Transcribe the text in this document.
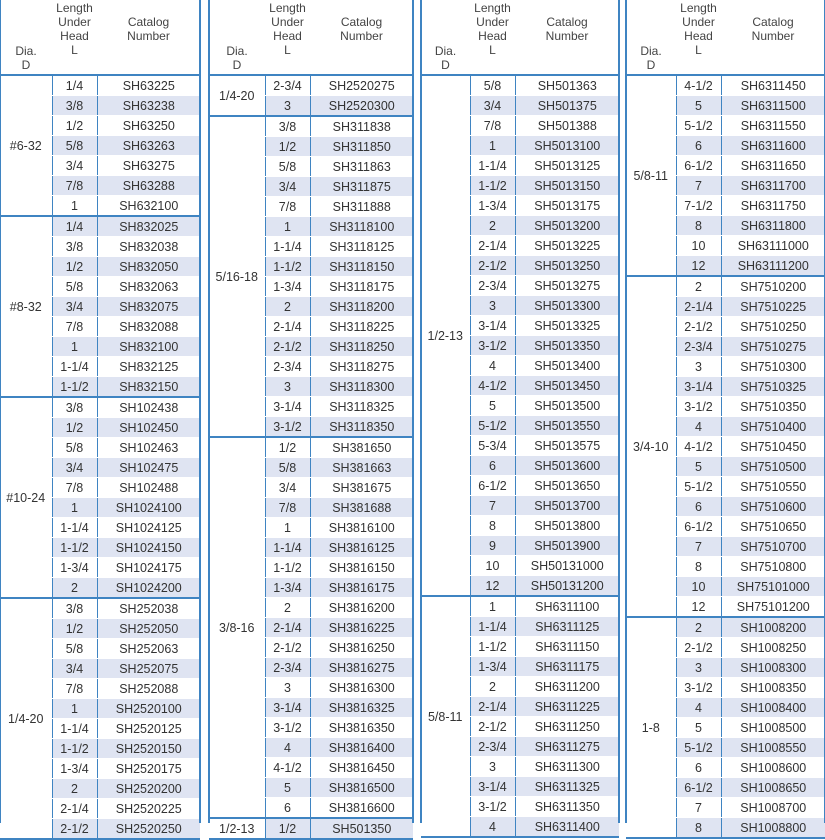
Dia.
D	Length
Under
Head
L	Catalog
Number
#6-32	1/4	SH63225
	3/8	SH63238
	1/2	SH63250
	5/8	SH63263
	3/4	SH63275
	7/8	SH63288
	1	SH632100
#8-32	1/4	SH832025
	3/8	SH832038
	1/2	SH832050
	5/8	SH832063
	3/4	SH832075
	7/8	SH832088
	1	SH832100
	1-1/4	SH832125
	1-1/2	SH832150
#10-24	3/8	SH102438
	1/2	SH102450
	5/8	SH102463
	3/4	SH102475
	7/8	SH102488
	1	SH1024100
	1-1/4	SH1024125
	1-1/2	SH1024150
	1-3/4	SH1024175
	2	SH1024200
1/4-20	3/8	SH252038
	1/2	SH252050
	5/8	SH252063
	3/4	SH252075
	7/8	SH252088
	1	SH2520100
	1-1/4	SH2520125
	1-1/2	SH2520150
	1-3/4	SH2520175
	2	SH2520200
	2-1/4	SH2520225
	2-1/2	SH2520250
Dia.
D	Length
Under
Head
L	Catalog
Number
1/4-20	2-3/4	SH2520275
	3	SH2520300
5/16-18	3/8	SH311838
	1/2	SH311850
	5/8	SH311863
	3/4	SH311875
	7/8	SH311888
	1	SH3118100
	1-1/4	SH3118125
	1-1/2	SH3118150
	1-3/4	SH3118175
	2	SH3118200
	2-1/4	SH3118225
	2-1/2	SH3118250
	2-3/4	SH3118275
	3	SH3118300
	3-1/4	SH3118325
	3-1/2	SH3118350
3/8-16	1/2	SH381650
	5/8	SH381663
	3/4	SH381675
	7/8	SH381688
	1	SH3816100
	1-1/4	SH3816125
	1-1/2	SH3816150
	1-3/4	SH3816175
	2	SH3816200
	2-1/4	SH3816225
	2-1/2	SH3816250
	2-3/4	SH3816275
	3	SH3816300
	3-1/4	SH3816325
	3-1/2	SH3816350
	4	SH3816400
	4-1/2	SH3816450
	5	SH3816500
	6	SH3816600
1/2-13	1/2	SH501350
Dia.
D	Length
Under
Head
L	Catalog
Number
1/2-13	5/8	SH501363
	3/4	SH501375
	7/8	SH501388
	1	SH5013100
	1-1/4	SH5013125
	1-1/2	SH5013150
	1-3/4	SH5013175
	2	SH5013200
	2-1/4	SH5013225
	2-1/2	SH5013250
	2-3/4	SH5013275
	3	SH5013300
	3-1/4	SH5013325
	3-1/2	SH5013350
	4	SH5013400
	4-1/2	SH5013450
	5	SH5013500
	5-1/2	SH5013550
	5-3/4	SH5013575
	6	SH5013600
	6-1/2	SH5013650
	7	SH5013700
	8	SH5013800
	9	SH5013900
	10	SH50131000
	12	SH50131200
5/8-11	1	SH6311100
	1-1/4	SH6311125
	1-1/2	SH6311150
	1-3/4	SH6311175
	2	SH6311200
	2-1/4	SH6311225
	2-1/2	SH6311250
	2-3/4	SH6311275
	3	SH6311300
	3-1/4	SH6311325
	3-1/2	SH6311350
	4	SH6311400
Dia.
D	Length
Under
Head
L	Catalog
Number
5/8-11	4-1/2	SH6311450
	5	SH6311500
	5-1/2	SH6311550
	6	SH6311600
	6-1/2	SH6311650
	7	SH6311700
	7-1/2	SH6311750
	8	SH6311800
	10	SH63111000
	12	SH63111200
3/4-10	2	SH7510200
	2-1/4	SH7510225
	2-1/2	SH7510250
	2-3/4	SH7510275
	3	SH7510300
	3-1/4	SH7510325
	3-1/2	SH7510350
	4	SH7510400
	4-1/2	SH7510450
	5	SH7510500
	5-1/2	SH7510550
	6	SH7510600
	6-1/2	SH7510650
	7	SH7510700
	8	SH7510800
	10	SH75101000
	12	SH75101200
1-8	2	SH1008200
	2-1/2	SH1008250
	3	SH1008300
	3-1/2	SH1008350
	4	SH1008400
	5	SH1008500
	5-1/2	SH1008550
	6	SH1008600
	6-1/2	SH1008650
	7	SH1008700
	8	SH1008800
